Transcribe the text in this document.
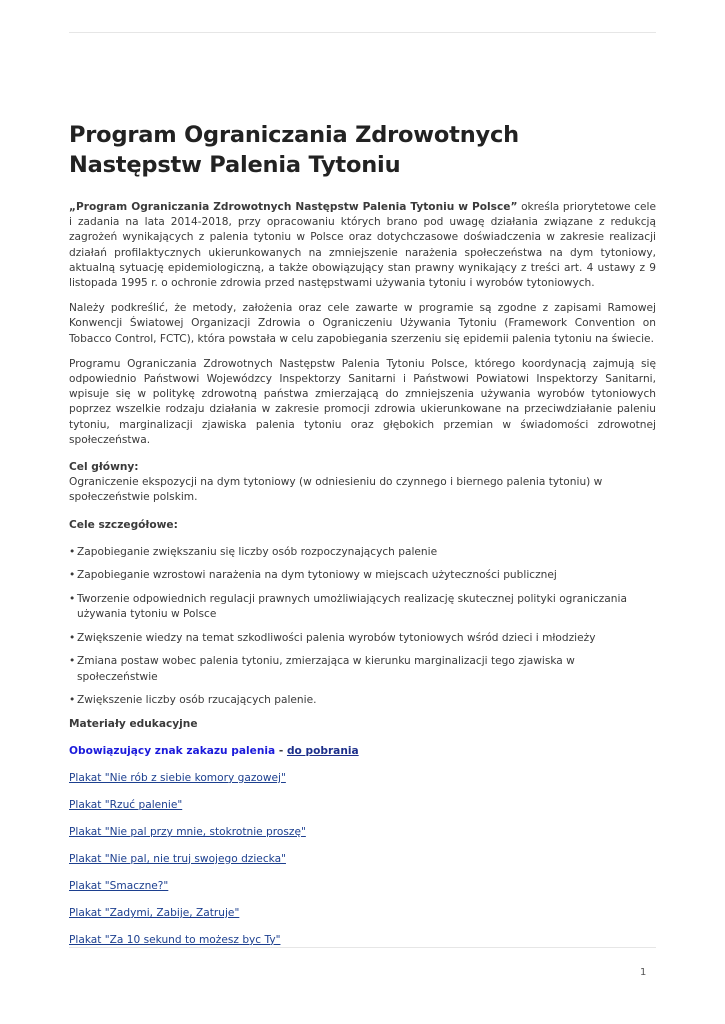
Program Ograniczania Zdrowotnych Następstw Palenia Tytoniu

„Program Ograniczania Zdrowotnych Następstw Palenia Tytoniu w Polsce” określa priorytetowe cele i zadania na lata 2014-2018, przy opracowaniu których brano pod uwagę działania związane z redukcją zagrożeń wynikających z palenia tytoniu w Polsce oraz dotychczasowe doświadczenia w zakresie realizacji działań profilaktycznych ukierunkowanych na zmniejszenie narażenia społeczeństwa na dym tytoniowy, aktualną sytuację epidemiologiczną, a także obowiązujący stan prawny wynikający z treści art. 4 ustawy z 9 listopada 1995 r. o ochronie zdrowia przed następstwami używania tytoniu i wyrobów tytoniowych.

Należy podkreślić, że metody, założenia oraz cele zawarte w programie są zgodne z zapisami Ramowej Konwencji Światowej Organizacji Zdrowia o Ograniczeniu Używania Tytoniu (Framework Convention on Tobacco Control, FCTC), która powstała w celu zapobiegania szerzeniu się epidemii palenia tytoniu na świecie.

Programu Ograniczania Zdrowotnych Następstw Palenia Tytoniu Polsce, którego koordynacją zajmują się odpowiednio Państwowi Wojewódzcy Inspektorzy Sanitarni i Państwowi Powiatowi Inspektorzy Sanitarni, wpisuje się w politykę zdrowotną państwa zmierzającą do zmniejszenia używania wyrobów tytoniowych poprzez wszelkie rodzaju działania w zakresie promocji zdrowia ukierunkowane na przeciwdziałanie paleniu tytoniu, marginalizacji zjawiska palenia tytoniu oraz głębokich przemian w świadomości zdrowotnej społeczeństwa.

Cel główny:

Ograniczenie ekspozycji na dym tytoniowy (w odniesieniu do czynnego i biernego palenia tytoniu) w społeczeństwie polskim.

Cele szczegółowe:

• Zapobieganie zwiększaniu się liczby osób rozpoczynających palenie
• Zapobieganie wzrostowi narażenia na dym tytoniowy w miejscach użyteczności publicznej
• Tworzenie odpowiednich regulacji prawnych umożliwiających realizację skutecznej polityki ograniczania używania tytoniu w Polsce
• Zwiększenie wiedzy na temat szkodliwości palenia wyrobów tytoniowych wśród dzieci i młodzieży
• Zmiana postaw wobec palenia tytoniu, zmierzająca w kierunku marginalizacji tego zjawiska w społeczeństwie
• Zwiększenie liczby osób rzucających palenie.

Materiały edukacyjne

Obowiązujący znak zakazu palenia - do pobrania

Plakat "Nie rób z siebie komory gazowej"

Plakat "Rzuć palenie"

Plakat "Nie pal przy mnie, stokrotnie proszę"

Plakat "Nie pal, nie truj swojego dziecka"

Plakat "Smaczne?"

Plakat "Zadymi, Zabije, Zatruje"

Plakat "Za 10 sekund to możesz byc Ty"

1
